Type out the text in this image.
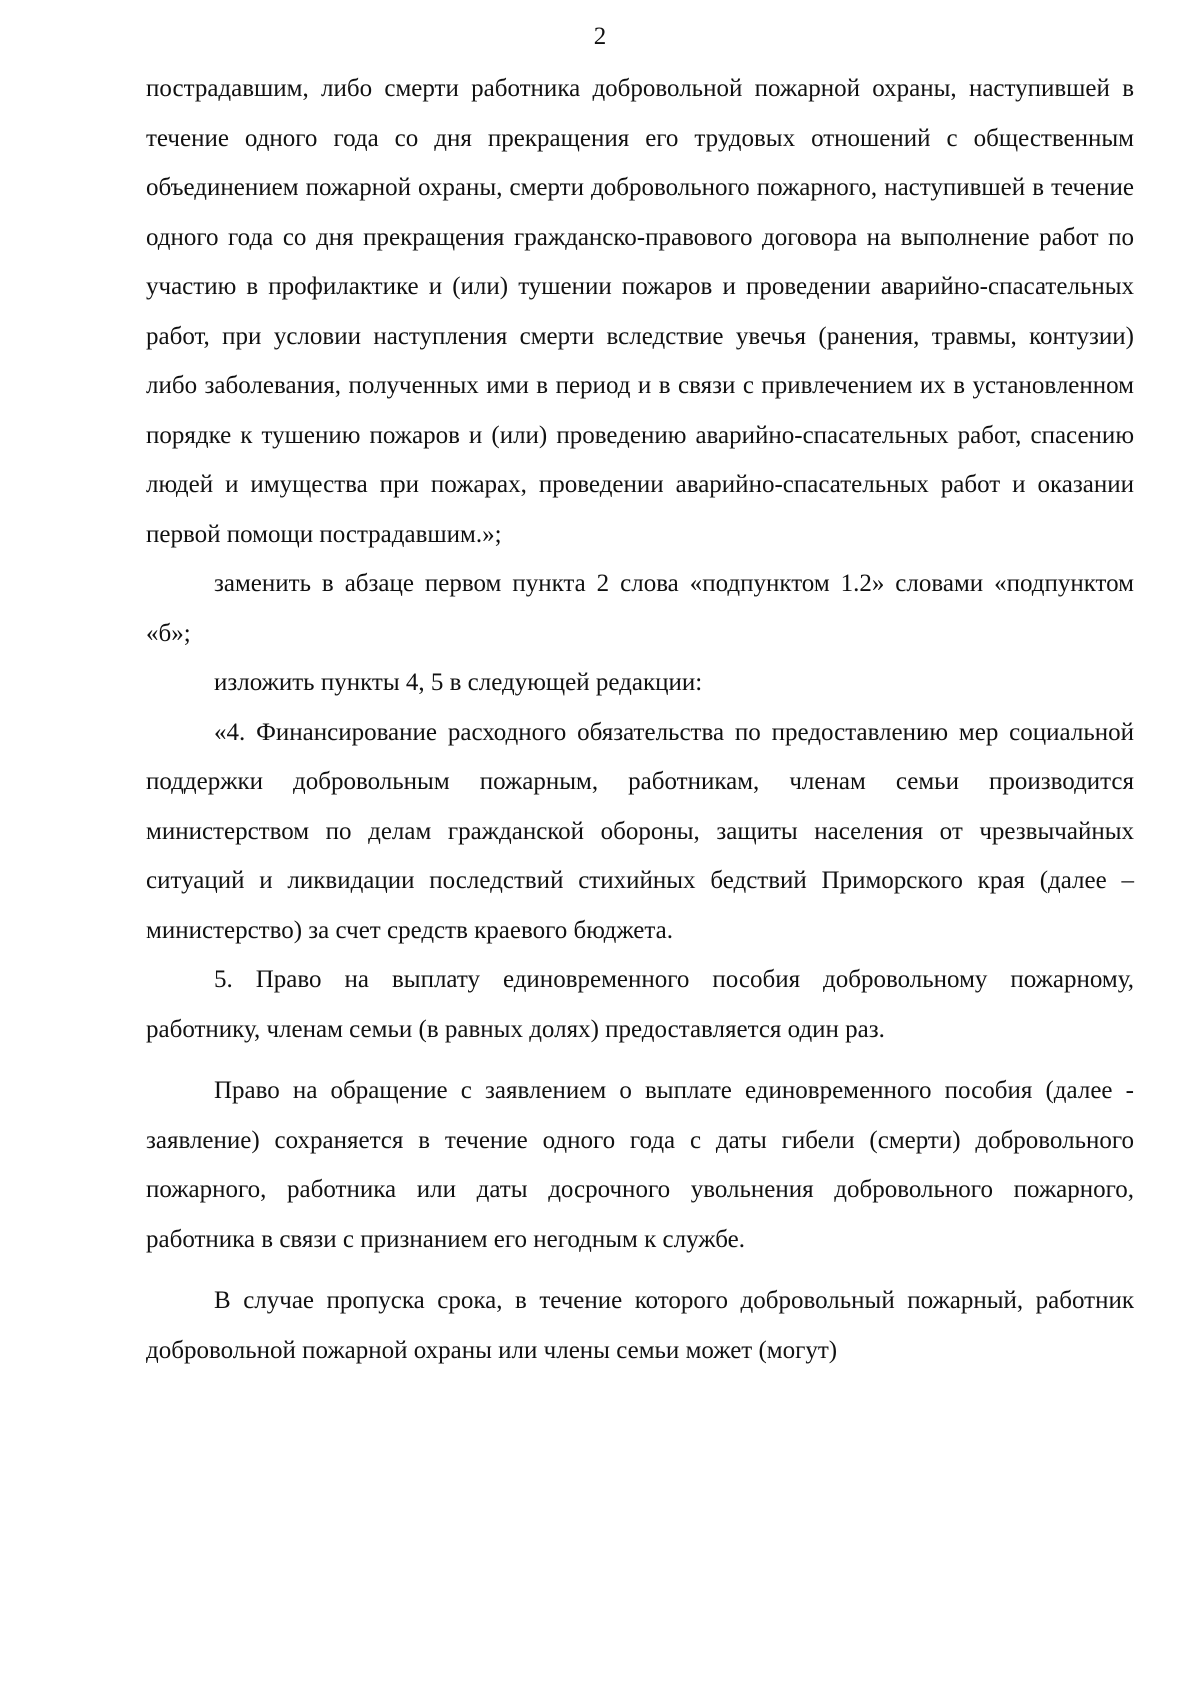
2

пострадавшим, либо смерти работника добровольной пожарной охраны, наступившей в течение одного года со дня прекращения его трудовых отношений с общественным объединением пожарной охраны, смерти добровольного пожарного, наступившей в течение одного года со дня прекращения гражданско-правового договора на выполнение работ по участию в профилактике и (или) тушении пожаров и проведении аварийно-спасательных работ, при условии наступления смерти вследствие увечья (ранения, травмы, контузии) либо заболевания, полученных ими в период и в связи с привлечением их в установленном порядке к тушению пожаров и (или) проведению аварийно-спасательных работ, спасению людей и имущества при пожарах, проведении аварийно-спасательных работ и оказании первой помощи пострадавшим.»;

заменить в абзаце первом пункта 2 слова «подпунктом 1.2» словами «подпунктом «б»;

изложить пункты 4, 5 в следующей редакции:

«4. Финансирование расходного обязательства по предоставлению мер социальной поддержки добровольным пожарным, работникам, членам семьи производится министерством по делам гражданской обороны, защиты населения от чрезвычайных ситуаций и ликвидации последствий стихийных бедствий Приморского края (далее – министерство) за счет средств краевого бюджета.

5. Право на выплату единовременного пособия добровольному пожарному, работнику, членам семьи (в равных долях) предоставляется один раз.

Право на обращение с заявлением о выплате единовременного пособия (далее - заявление) сохраняется в течение одного года с даты гибели (смерти) добровольного пожарного, работника или даты досрочного увольнения добровольного пожарного, работника в связи с признанием его негодным к службе.

В случае пропуска срока, в течение которого добровольный пожарный, работник добровольной пожарной охраны или члены семьи может (могут)
